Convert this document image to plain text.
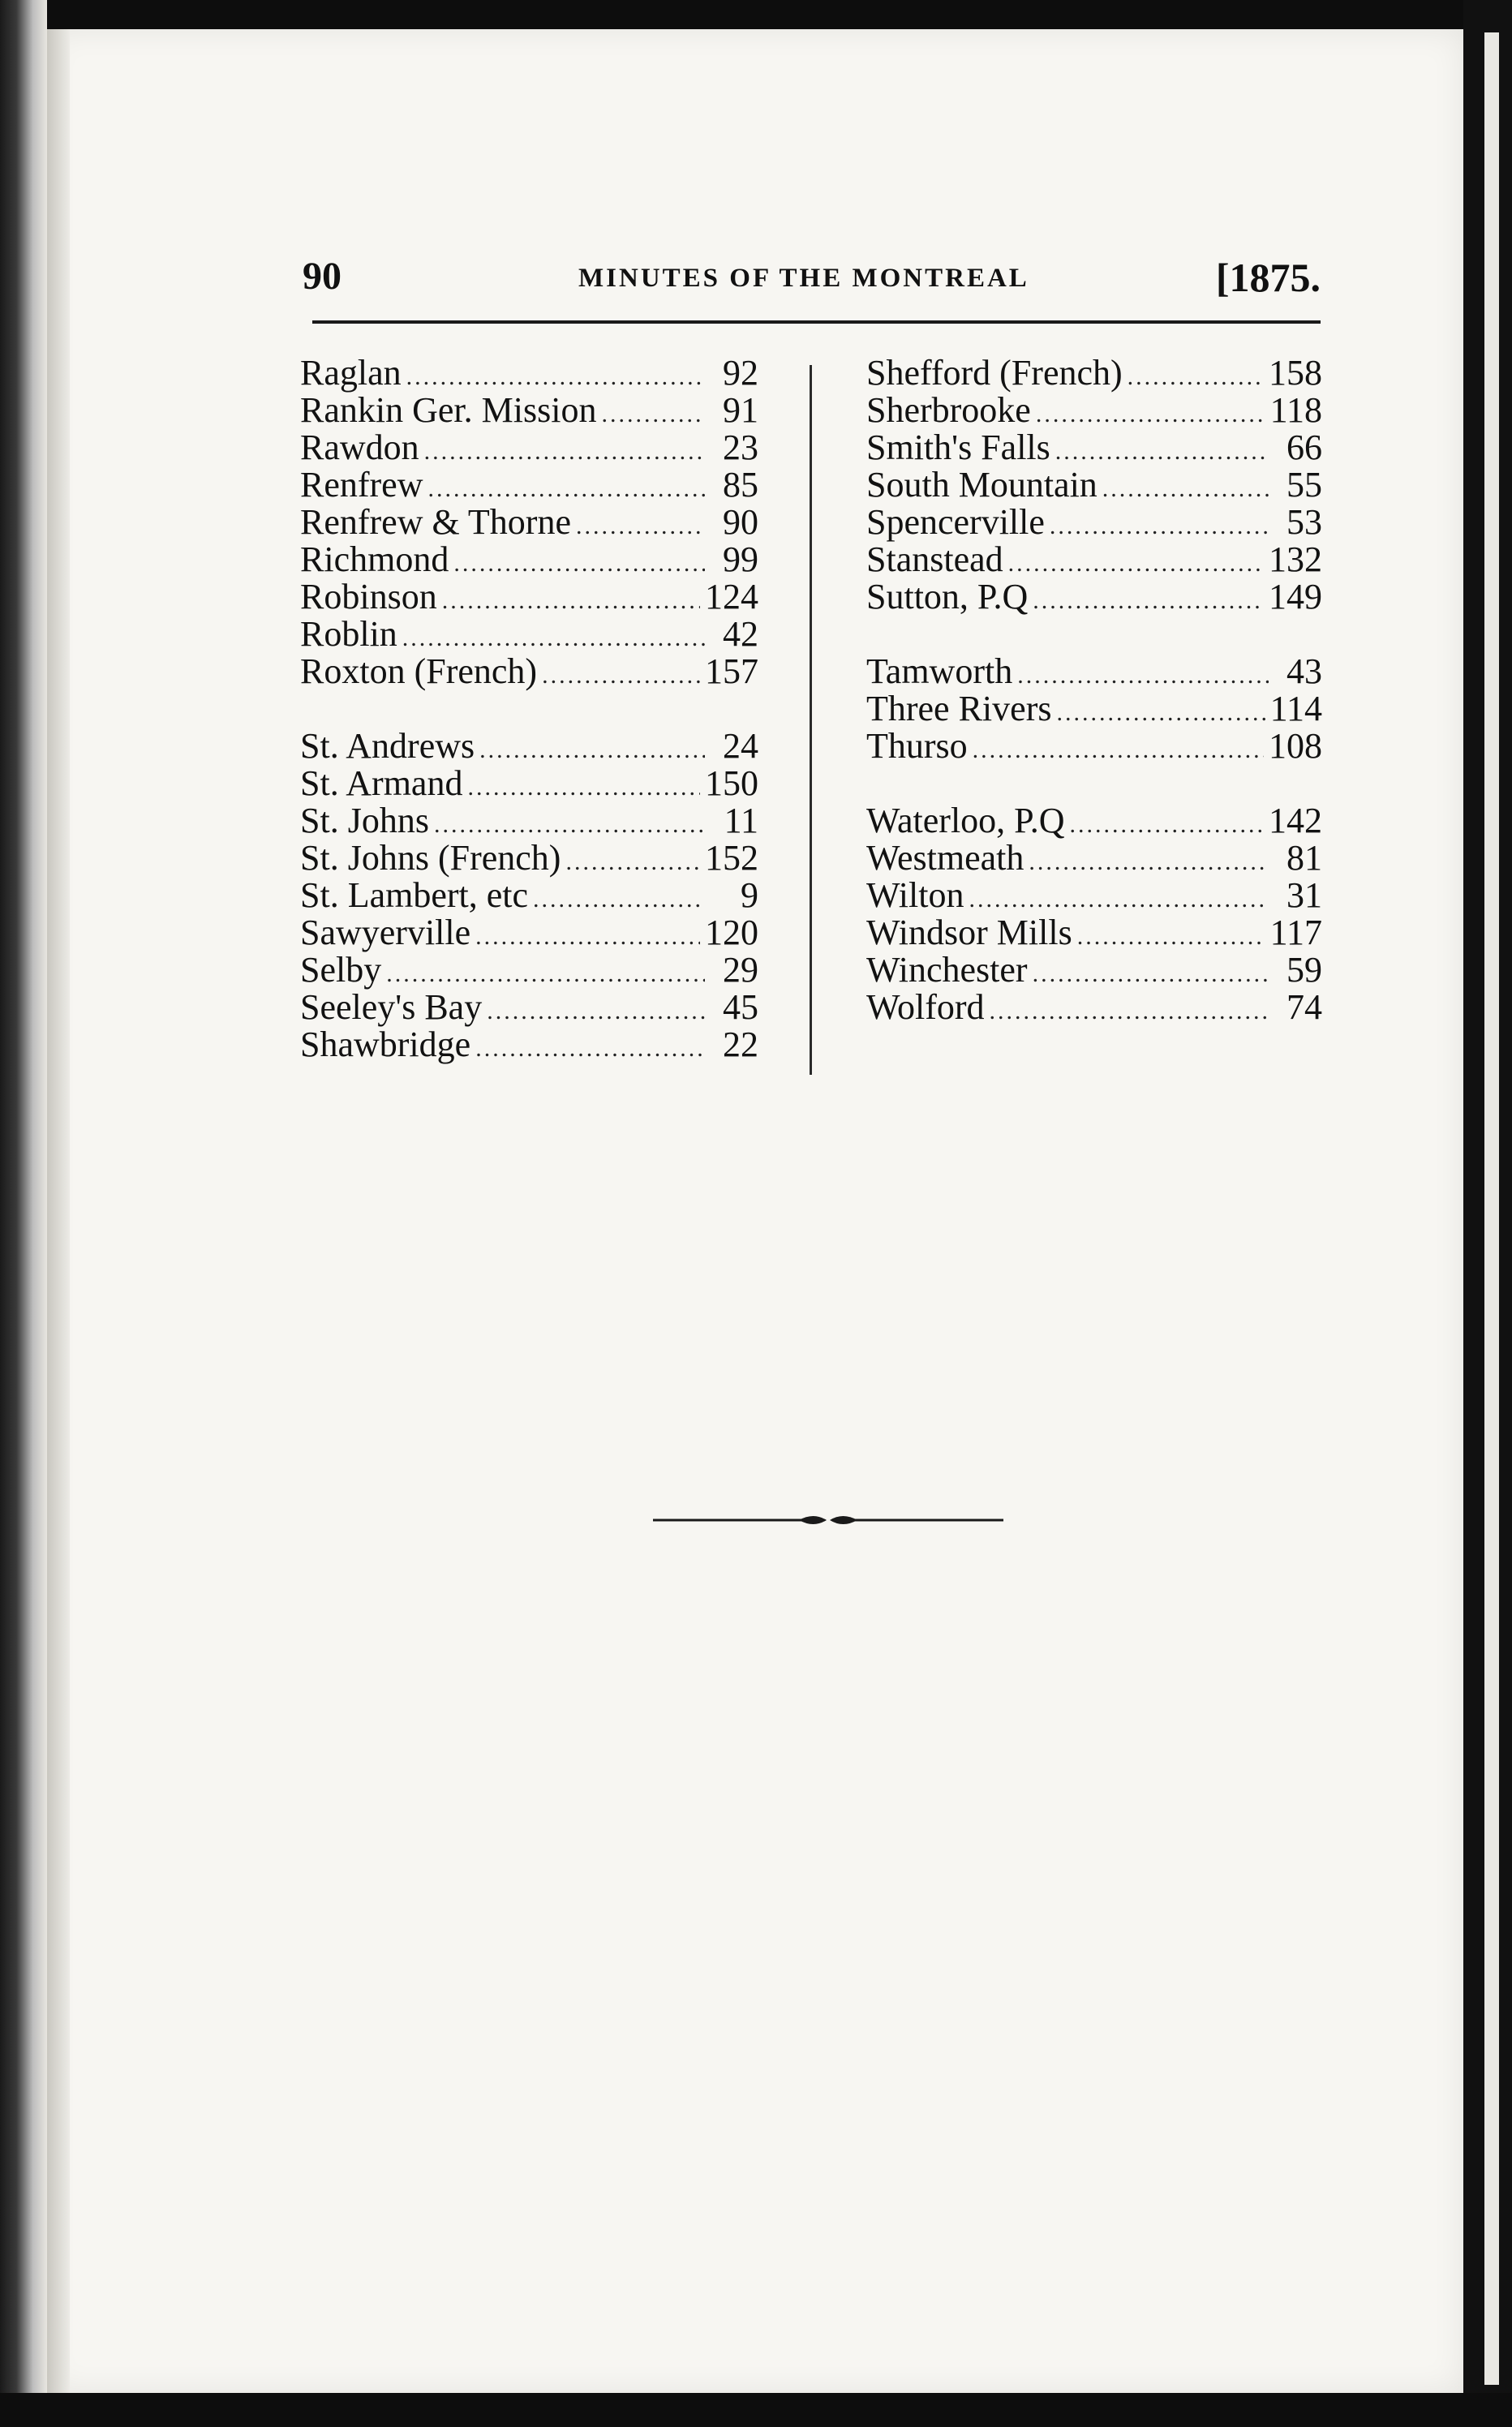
90	MINUTES OF THE MONTREAL	[1875.
Raglan .....	92
Rankin Ger. Mission .....	91
Rawdon .....	23
Renfrew .....	85
Renfrew & Thorne .....	90
Richmond .....	99
Robinson .....	124
Roblin .....	42
Roxton (French) .....	157
St. Andrews .....	24
St. Armand .....	150
St. Johns .....	11
St. Johns (French) .....	152
St. Lambert, etc .....	9
Sawyerville .....	120
Selby .....	29
Seeley's Bay .....	45
Shawbridge .....	22
Shefford (French) .....	158
Sherbrooke .....	118
Smith's Falls .....	66
South Mountain .....	55
Spencerville .....	53
Stanstead .....	132
Sutton, P.Q .....	149
Tamworth .....	43
Three Rivers .....	114
Thurso .....	108
Waterloo, P.Q .....	142
Westmeath .....	81
Wilton .....	31
Windsor Mills .....	117
Winchester .....	59
Wolford .....	74
